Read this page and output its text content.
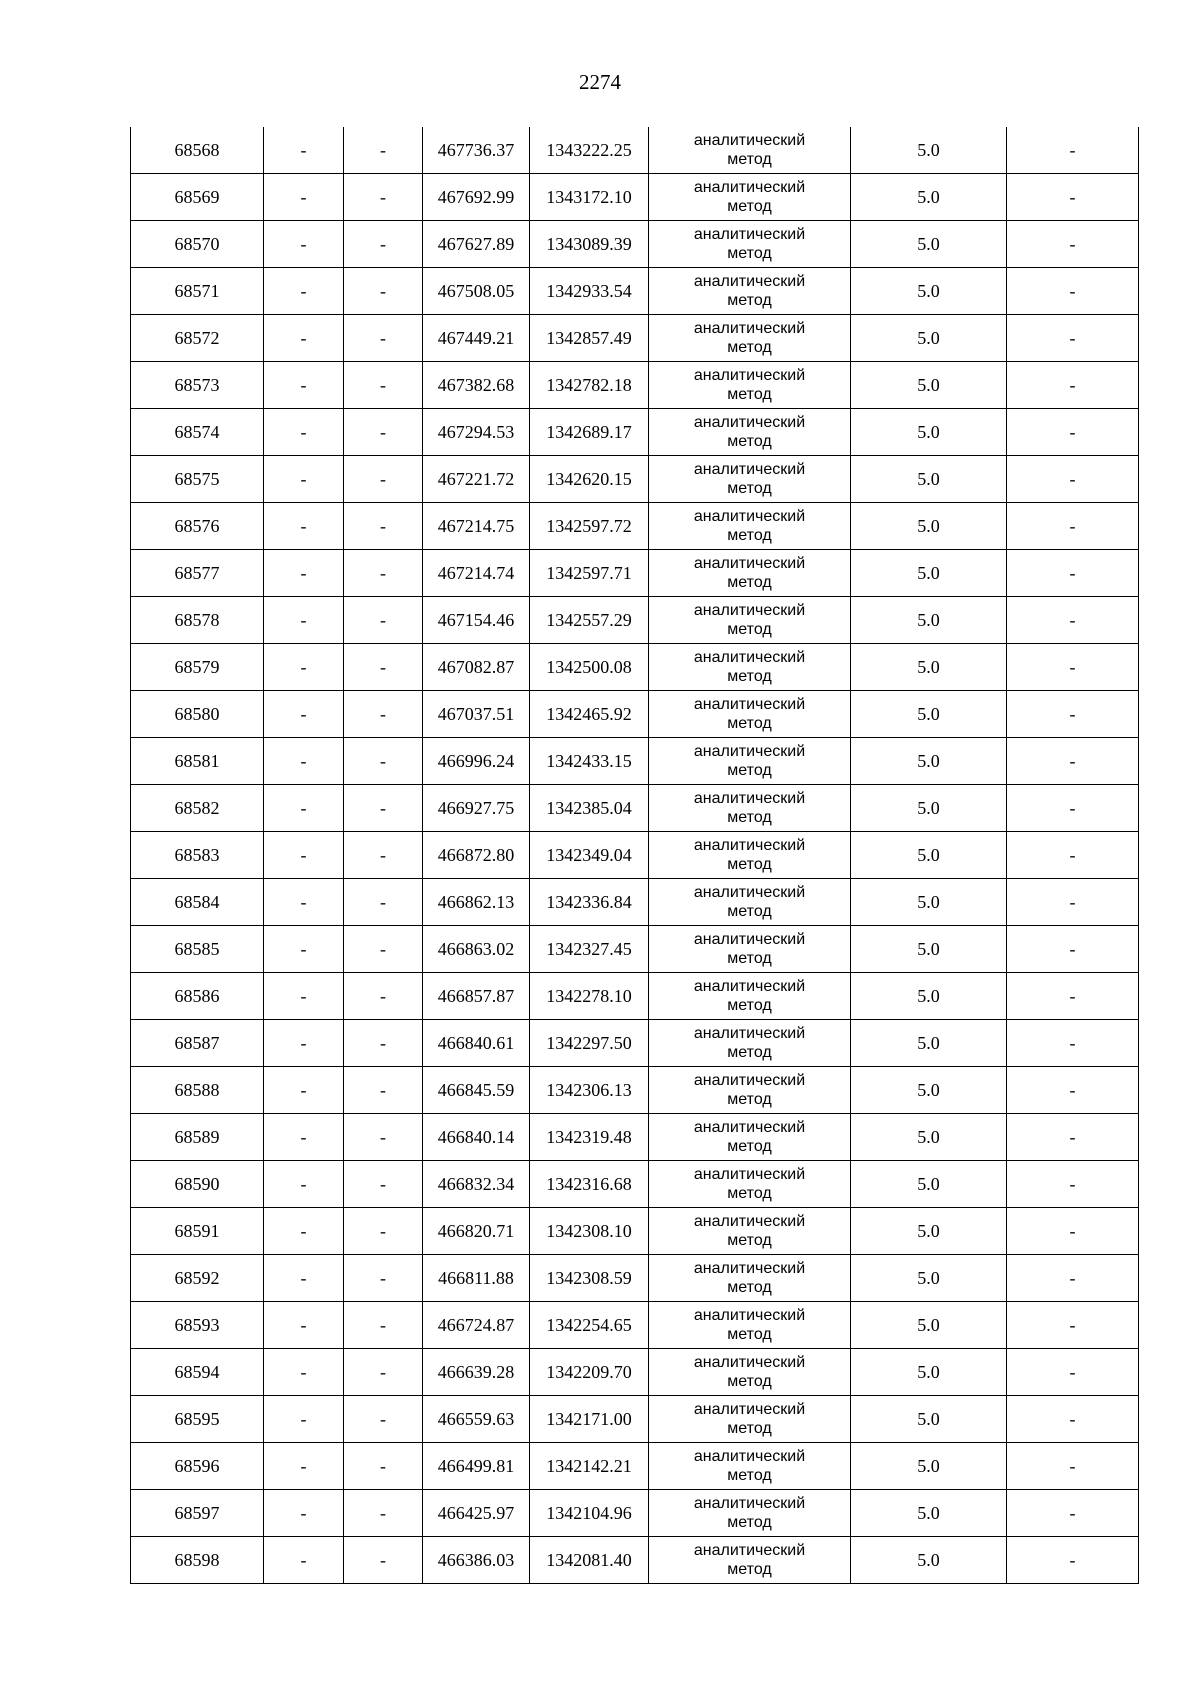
2274
68568	-	-	467736.37	1343222.25	аналитический
метод	5.0	-
68569	-	-	467692.99	1343172.10	аналитический
метод	5.0	-
68570	-	-	467627.89	1343089.39	аналитический
метод	5.0	-
68571	-	-	467508.05	1342933.54	аналитический
метод	5.0	-
68572	-	-	467449.21	1342857.49	аналитический
метод	5.0	-
68573	-	-	467382.68	1342782.18	аналитический
метод	5.0	-
68574	-	-	467294.53	1342689.17	аналитический
метод	5.0	-
68575	-	-	467221.72	1342620.15	аналитический
метод	5.0	-
68576	-	-	467214.75	1342597.72	аналитический
метод	5.0	-
68577	-	-	467214.74	1342597.71	аналитический
метод	5.0	-
68578	-	-	467154.46	1342557.29	аналитический
метод	5.0	-
68579	-	-	467082.87	1342500.08	аналитический
метод	5.0	-
68580	-	-	467037.51	1342465.92	аналитический
метод	5.0	-
68581	-	-	466996.24	1342433.15	аналитический
метод	5.0	-
68582	-	-	466927.75	1342385.04	аналитический
метод	5.0	-
68583	-	-	466872.80	1342349.04	аналитический
метод	5.0	-
68584	-	-	466862.13	1342336.84	аналитический
метод	5.0	-
68585	-	-	466863.02	1342327.45	аналитический
метод	5.0	-
68586	-	-	466857.87	1342278.10	аналитический
метод	5.0	-
68587	-	-	466840.61	1342297.50	аналитический
метод	5.0	-
68588	-	-	466845.59	1342306.13	аналитический
метод	5.0	-
68589	-	-	466840.14	1342319.48	аналитический
метод	5.0	-
68590	-	-	466832.34	1342316.68	аналитический
метод	5.0	-
68591	-	-	466820.71	1342308.10	аналитический
метод	5.0	-
68592	-	-	466811.88	1342308.59	аналитический
метод	5.0	-
68593	-	-	466724.87	1342254.65	аналитический
метод	5.0	-
68594	-	-	466639.28	1342209.70	аналитический
метод	5.0	-
68595	-	-	466559.63	1342171.00	аналитический
метод	5.0	-
68596	-	-	466499.81	1342142.21	аналитический
метод	5.0	-
68597	-	-	466425.97	1342104.96	аналитический
метод	5.0	-
68598	-	-	466386.03	1342081.40	аналитический
метод	5.0	-
